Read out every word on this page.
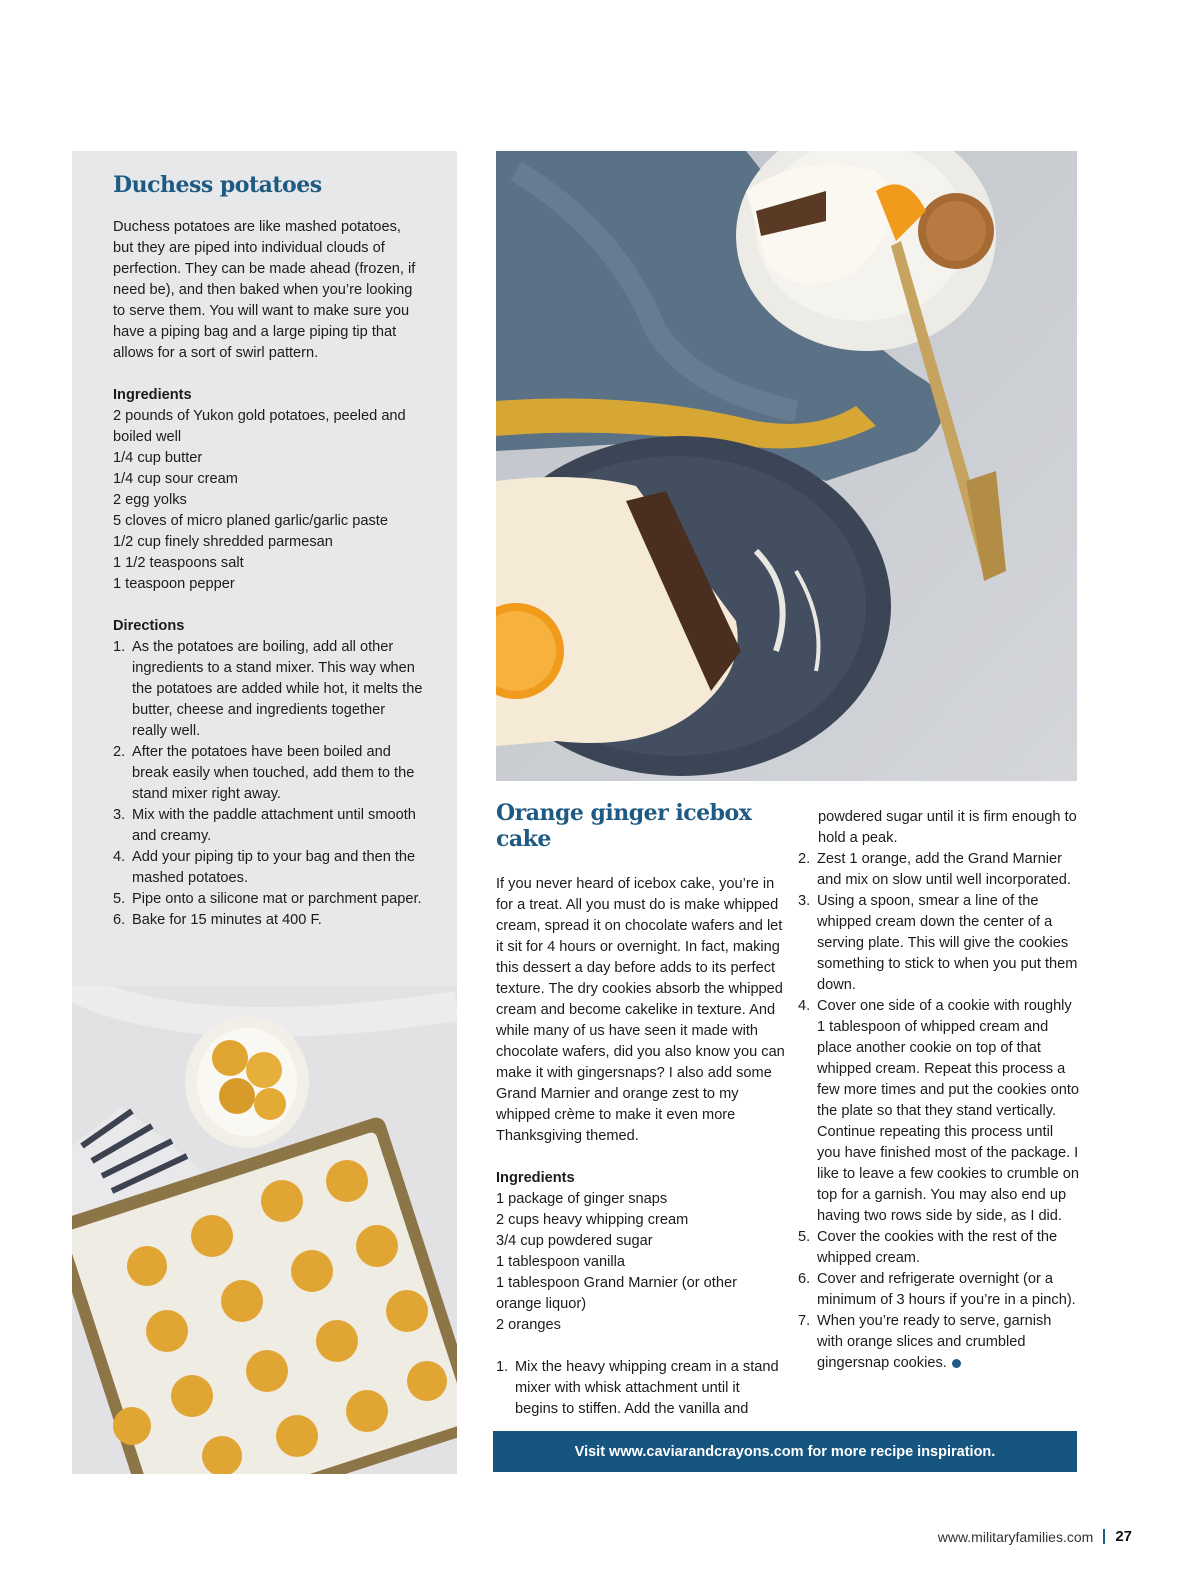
Duchess potatoes

Duchess potatoes are like mashed potatoes, but they are piped into individual clouds of perfection. They can be made ahead (frozen, if need be), and then baked when you’re looking to serve them. You will want to make sure you have a piping bag and a large piping tip that allows for a sort of swirl pattern.

Ingredients

2 pounds of Yukon gold potatoes, peeled and boiled well
1/4 cup butter
1/4 cup sour cream
2 egg yolks
5 cloves of micro planed garlic/garlic paste
1/2 cup finely shredded parmesan
1 1/2 teaspoons salt
1 teaspoon pepper

Directions

1. As the potatoes are boiling, add all other ingredients to a stand mixer. This way when the potatoes are added while hot, it melts the butter, cheese and ingredients together really well.
2. After the potatoes have been boiled and break easily when touched, add them to the stand mixer right away.
3. Mix with the paddle attachment until smooth and creamy.
4. Add your piping tip to your bag and then the mashed potatoes.
5. Pipe onto a silicone mat or parchment paper.
6. Bake for 15 minutes at 400 F.
Orange ginger icebox cake

If you never heard of icebox cake, you’re in for a treat. All you must do is make whipped cream, spread it on chocolate wafers and let it sit for 4 hours or overnight. In fact, making this dessert a day before adds to its perfect texture. The dry cookies absorb the whipped cream and become cakelike in texture. And while many of us have seen it made with chocolate wafers, did you also know you can make it with gingersnaps? I also add some Grand Marnier and orange zest to my whipped crème to make it even more Thanksgiving themed.

Ingredients

1 package of ginger snaps
2 cups heavy whipping cream
3/4 cup powdered sugar
1 tablespoon vanilla
1 tablespoon Grand Marnier (or other orange liquor)
2 oranges
1. Mix the heavy whipping cream in a stand mixer with whisk attachment until it begins to stiffen. Add the vanilla and

powdered sugar until it is firm enough to hold a peak.

2. Zest 1 orange, add the Grand Marnier and mix on slow until well incorporated.
3. Using a spoon, smear a line of the whipped cream down the center of a serving plate. This will give the cookies something to stick to when you put them down.
4. Cover one side of a cookie with roughly 1 tablespoon of whipped cream and place another cookie on top of that whipped cream. Repeat this process a few more times and put the cookies onto the plate so that they stand vertically. Continue repeating this process until you have finished most of the package. I like to leave a few cookies to crumble on top for a garnish. You may also end up having two rows side by side, as I did.
5. Cover the cookies with the rest of the whipped cream.
6. Cover and refrigerate overnight (or a minimum of 3 hours if you’re in a pinch).
7. When you’re ready to serve, garnish with orange slices and crumbled gingersnap cookies.
Visit www.caviarandcrayons.com for more recipe inspiration.
www.militaryfamilies.com 27
